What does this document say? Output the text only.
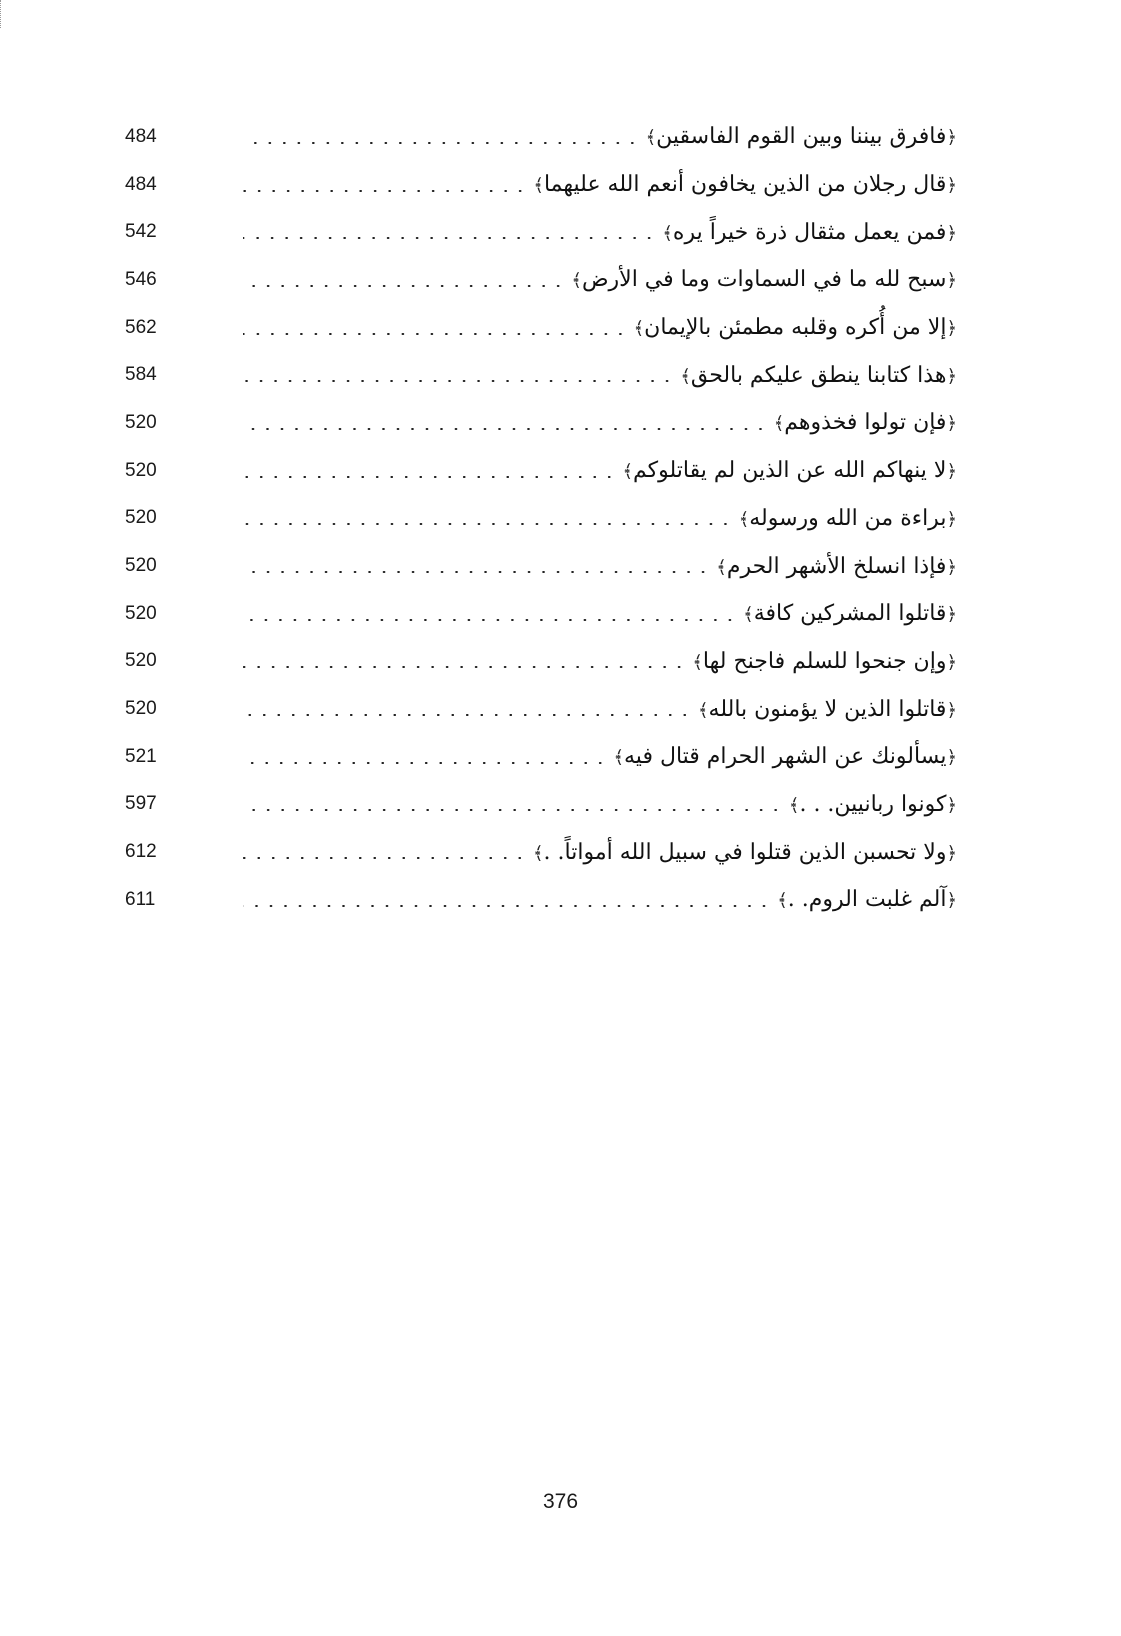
484	﴿فافرق بيننا وبين القوم الفاسقين﴾
484	﴿قال رجلان من الذين يخافون أنعم الله عليهما﴾
542	﴿فمن يعمل مثقال ذرة خيراً يره﴾
546	﴿سبح لله ما في السماوات وما في الأرض﴾
562	﴿إلا من أُكره وقلبه مطمئن بالإيمان﴾
584	﴿هذا كتابنا ينطق عليكم بالحق﴾
520	﴿فإن تولوا فخذوهم﴾
520	﴿لا ينهاكم الله عن الذين لم يقاتلوكم﴾
520	﴿براءة من الله ورسوله﴾
520	﴿فإذا انسلخ الأشهر الحرم﴾
520	﴿قاتلوا المشركين كافة﴾
520	﴿وإن جنحوا للسلم فاجنح لها﴾
520	﴿قاتلوا الذين لا يؤمنون بالله﴾
521	﴿يسألونك عن الشهر الحرام قتال فيه﴾
597	﴿كونوا ربانيين. . .﴾
612	﴿ولا تحسبن الذين قتلوا في سبيل الله أمواتاً. .﴾
611	﴿آلم غلبت الروم. .﴾
376
